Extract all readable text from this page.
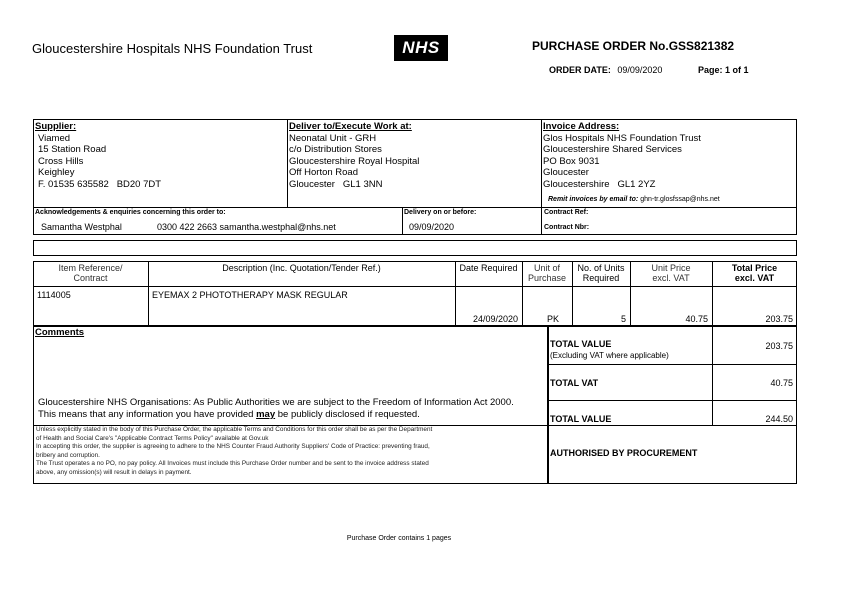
Gloucestershire Hospitals NHS Foundation Trust	NHS	PURCHASE ORDER No.GSS821382
ORDER DATE: 09/09/2020	Page: 1 of 1
Supplier:
Viamed
15 Station Road
Cross Hills
Keighley
F. 01535 635582   BD20 7DT
Deliver to/Execute Work at:
Neonatal Unit - GRH
c/o Distribution Stores
Gloucestershire Royal Hospital
Off Horton Road
Gloucester   GL1 3NN
Invoice Address:
Glos Hospitals NHS Foundation Trust
Gloucestershire Shared Services
PO Box 9031
Gloucester
Gloucestershire   GL1 2YZ
Remit invoices by email to: ghn-tr.glosfssap@nhs.net
Acknowledgements & enquiries concerning this order to:
Samantha Westphal	0300 422 2663 samantha.westphal@nhs.net
Delivery on or before:
09/09/2020
Contract Ref:
Contract Nbr:
Item Reference/
Contract
Description (Inc. Quotation/Tender Ref.)	Date Required	Unit of
Purchase
No. of Units
Required
Unit Price
excl. VAT
Total Price
excl. VAT
1114005	EYEMAX 2 PHOTOTHERAPY MASK REGULAR
24/09/2020	PK	5	40.75	203.75
Comments
Gloucestershire NHS Organisations: As Public Authorities we are subject to the Freedom of Information Act 2000.
This means that any information you have provided may be publicly disclosed if requested.
TOTAL VALUE
(Excluding VAT where applicable)
203.75
TOTAL VAT	40.75
TOTAL VALUE	244.50
Unless explicitly stated in the body of this Purchase Order, the applicable Terms and Conditions for this order shall be as per the Department
of Health and Social Care's "Applicable Contract Terms Policy" available at Gov.uk
In accepting this order, the supplier is agreeing to adhere to the NHS Counter Fraud Authority Suppliers' Code of Practice: preventing fraud,
bribery and corruption.
The Trust operates a no PO, no pay policy. All Invoices must include this Purchase Order number and be sent to the invoice address stated
above, any omission(s) will result in delays in payment.
AUTHORISED BY PROCUREMENT
Purchase Order contains 1 pages
